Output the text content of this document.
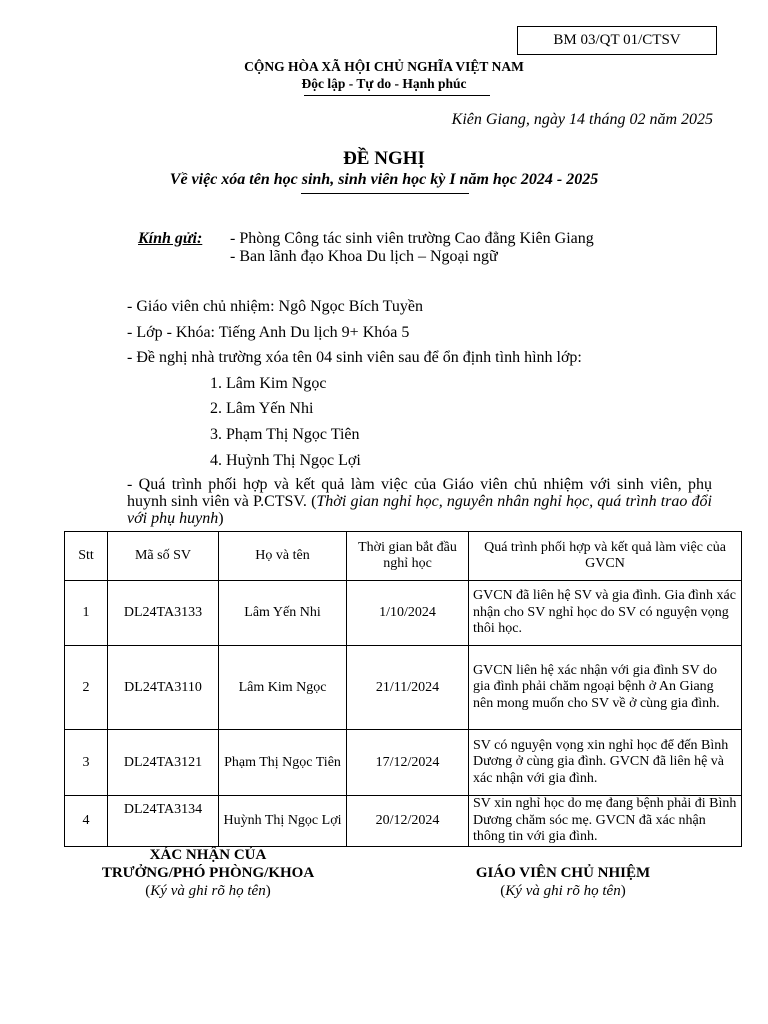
BM 03/QT 01/CTSV
CỘNG HÒA XÃ HỘI CHỦ NGHĨA VIỆT NAM
Độc lập - Tự do - Hạnh phúc
Kiên Giang, ngày 14 tháng 02 năm 2025
ĐỀ NGHỊ
Về việc xóa tên học sinh, sinh viên học kỳ I năm học 2024 - 2025
Kính gửi: - Phòng Công tác sinh viên trường Cao đẳng Kiên Giang
- Ban lãnh đạo Khoa Du lịch – Ngoại ngữ
- Giáo viên chủ nhiệm: Ngô Ngọc Bích Tuyền
- Lớp - Khóa: Tiếng Anh Du lịch 9+ Khóa 5
- Đề nghị nhà trường xóa tên 04 sinh viên sau để ổn định tình hình lớp:
1. Lâm Kim Ngọc
2. Lâm Yến Nhi
3. Phạm Thị Ngọc Tiên
4. Huỳnh Thị Ngọc Lợi
- Quá trình phối hợp và kết quả làm việc của Giáo viên chủ nhiệm với sinh viên, phụ huynh sinh viên và P.CTSV. (Thời gian nghỉ học, nguyên nhân nghỉ học, quá trình trao đổi với phụ huynh)
Stt	Mã số SV	Họ và tên	Thời gian bắt đầu nghỉ học	Quá trình phối hợp và kết quả làm việc của GVCN
1	DL24TA3133	Lâm Yến Nhi	1/10/2024	GVCN đã liên hệ SV và gia đình. Gia đình xác nhận cho SV nghỉ học do SV có nguyện vọng thôi học.
2	DL24TA3110	Lâm Kim Ngọc	21/11/2024	GVCN liên hệ xác nhận với gia đình SV do gia đình phải chăm ngoại bệnh ở An Giang nên mong muốn cho SV về ở cùng gia đình.
3	DL24TA3121	Phạm Thị Ngọc Tiên	17/12/2024	SV có nguyện vọng xin nghỉ học để đến Bình Dương ở cùng gia đình. GVCN đã liên hệ và xác nhận với gia đình.
4	DL24TA3134	Huỳnh Thị Ngọc Lợi	20/12/2024	SV xin nghỉ học do mẹ đang bệnh phải đi Bình Dương chăm sóc mẹ. GVCN đã xác nhận thông tin với gia đình.
XÁC NHẬN CỦA
TRƯỞNG/PHÓ PHÒNG/KHOA
(Ký và ghi rõ họ tên)
GIÁO VIÊN CHỦ NHIỆM
(Ký và ghi rõ họ tên)
